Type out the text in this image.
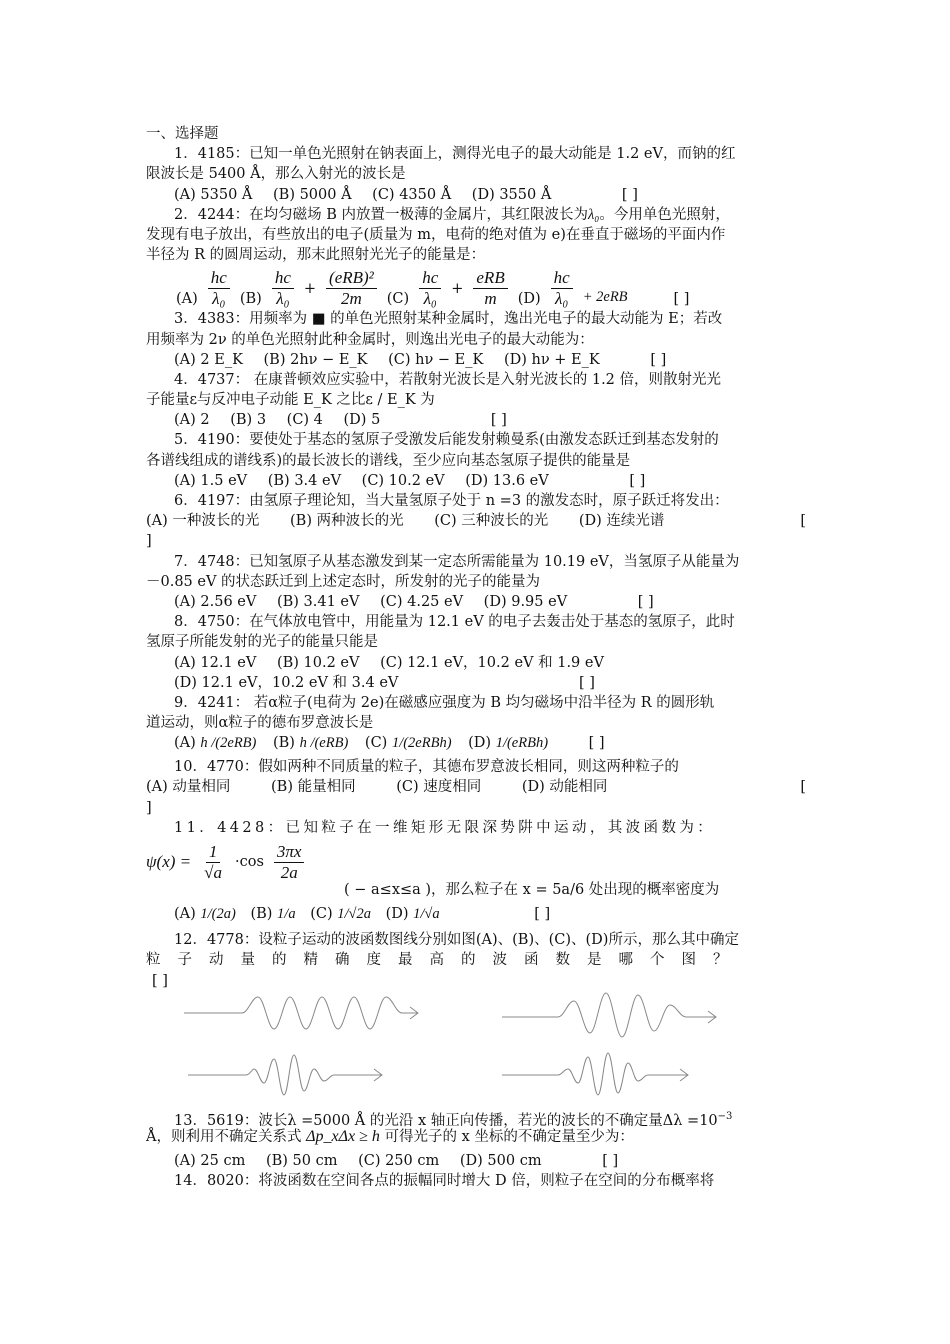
一、选择题
1．4185：已知一单色光照射在钠表面上，测得光电子的最大动能是 1.2 eV，而钠的红
限波长是 5400 Å，那么入射光的波长是
(A) 5350 Å (B) 5000 Å (C) 4350 Å (D) 3550 Å	[ ]
2．4244：在均匀磁场 B 内放置一极薄的金属片，其红限波长为λ₀。今用单色光照射，
发现有电子放出，有些放出的电子(质量为 m，电荷的绝对值为 e)在垂直于磁场的平面内作
半径为 R 的圆周运动，那末此照射光光子的能量是：
$(A) \frac{hc}{\text{λ₀}} (B) \frac{hc}{\text{λ₀}} + \frac{\text{(eRB)²}}{2m} (C) \frac{hc}{\text{λ₀}} + \frac{\text{eRB}}{m} (D) \frac{hc}{\text{λ₀}} + 2eRB$	[ ]
3．4383：用频率为 ■ 的单色光照射某种金属时，逸出光电子的最大动能为 E；若改
用频率为 2ν 的单色光照射此种金属时，则逸出光电子的最大动能为：
(A) 2 E_K (B) 2hν − E_K (C) hν − E_K (D) hν + E_K	[ ]
4．4737： 在康普顿效应实验中，若散射光波长是入射光波长的 1.2 倍，则散射光光
子能量ε与反冲电子动能 E_K 之比ε / E_K 为
(A) 2 (B) 3 (C) 4 (D) 5	[ ]
5．4190：要使处于基态的氢原子受激发后能发射赖曼系(由激发态跃迁到基态发射的
各谱线组成的谱线系)的最长波长的谱线，至少应向基态氢原子提供的能量是
(A) 1.5 eV (B) 3.4 eV (C) 10.2 eV (D) 13.6 eV	[ ]
6．4197：由氢原子理论知，当大量氢原子处于 n =3 的激发态时，原子跃迁将发出：
(A) 一种波长的光 (B) 两种波长的光 (C) 三种波长的光 (D) 连续光谱	[
]
7．4748：已知氢原子从基态激发到某一定态所需能量为 10.19 eV，当氢原子从能量为
－0.85 eV 的状态跃迁到上述定态时，所发射的光子的能量为
(A) 2.56 eV (B) 3.41 eV (C) 4.25 eV (D) 9.95 eV	[ ]
8．4750：在气体放电管中，用能量为 12.1 eV 的电子去轰击处于基态的氢原子，此时
氢原子所能发射的光子的能量只能是
(A) 12.1 eV (B) 10.2 eV (C) 12.1 eV，10.2 eV 和 1.9 eV
(D) 12.1 eV，10.2 eV 和 3.4 eV	[ ]
9．4241： 若α粒子(电荷为 2e)在磁感应强度为 B 均匀磁场中沿半径为 R 的圆形轨
道运动，则α粒子的德布罗意波长是
(A) h /(2eRB) (B) h /(eRB) (C) 1/(2eRBh) (D) 1/(eRBh)	[ ]
10．4770：假如两种不同质量的粒子，其德布罗意波长相同，则这两种粒子的
(A) 动量相同	(B) 能量相同	(C) 速度相同	(D) 动能相同	[
]
11．4428：已知粒子在一维矩形无限深势阱中运动，其波函数为：
$\psi(x) = \frac{1}{√a} \cdot\cos \frac{3\pi x}{2a}$
( − a≤x≤a )，那么粒子在 x = 5a/6 处出现的概率密度为
(A) 1/(2a) (B) 1/a (C) 1/√2a (D) 1/√a	[ ]
12．4778：设粒子运动的波函数图线分别如图(A)、(B)、(C)、(D)所示，那么其中确定
粒子动量的精确度最高的波函数是哪个图？
[ ]
13．5619：波长λ =5000 Å 的光沿 x 轴正向传播，若光的波长的不确定量$\Delta\lambda =10^{-3}$
Å，则利用不确定关系式 Δp_xΔx ≥ h 可得光子的 x 坐标的不确定量至少为：
(A) 25 cm (B) 50 cm (C) 250 cm (D) 500 cm	[ ]
14．8020：将波函数在空间各点的振幅同时增大 D 倍，则粒子在空间的分布概率将
